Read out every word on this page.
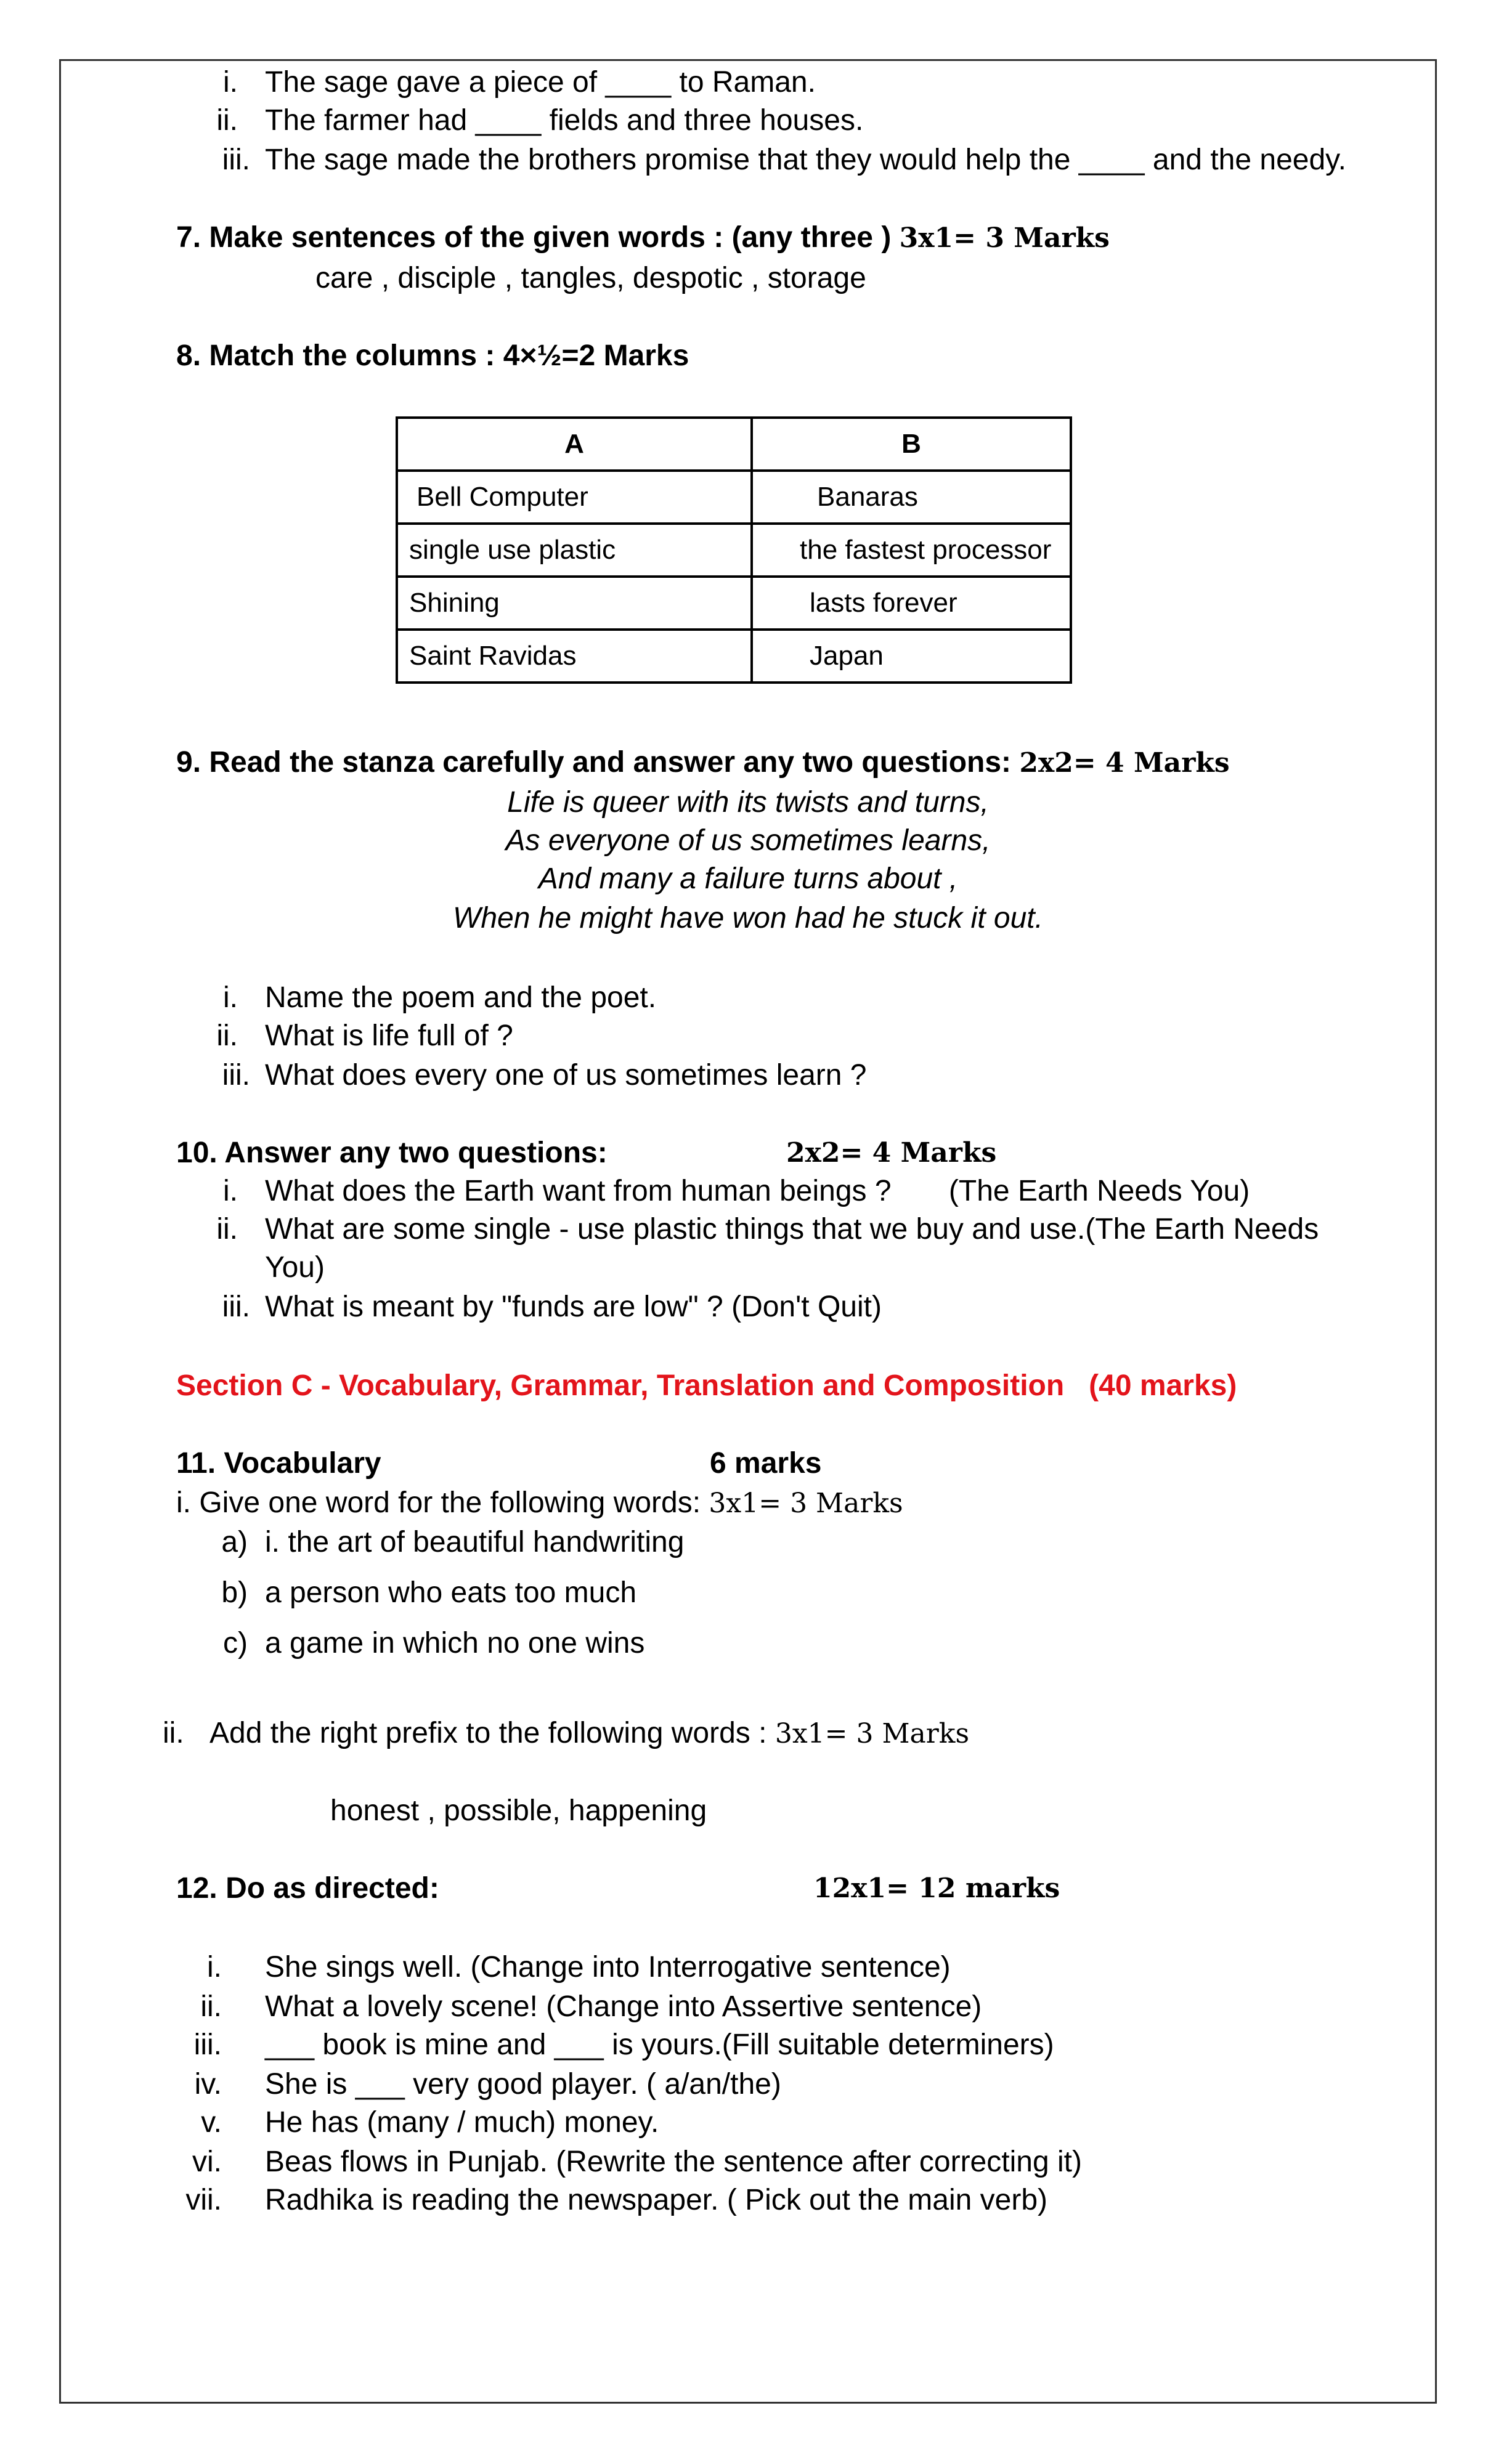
i. The sage gave a piece of ____ to Raman.
ii. The farmer had ____ fields and three houses.
iii. The sage made the brothers promise that they would help the ____ and the needy.
7. Make sentences of the given words : (any three ) 3x1= 3 Marks
care , disciple , tangles, despotic , storage
8. Match the columns : 4×½=2 Marks
A	B
Bell Computer	Banaras
single use plastic	the fastest processor
Shining	lasts forever
Saint Ravidas	Japan
9. Read the stanza carefully and answer any two questions: 2x2= 4 Marks
Life is queer with its twists and turns,
As everyone of us sometimes learns,
And many a failure turns about ,
When he might have won had he stuck it out.
i. Name the poem and the poet.
ii. What is life full of ?
iii. What does every one of us sometimes learn ?
10. Answer any two questions:	2x2= 4 Marks
i. What does the Earth want from human beings ?       (The Earth Needs You)
ii. What are some single - use plastic things that we buy and use.(The Earth Needs
You)
iii. What is meant by "funds are low" ? (Don't Quit)
Section C - Vocabulary, Grammar, Translation and Composition   (40 marks)
11. Vocabulary	6 marks
i. Give one word for the following words: 3x1= 3 Marks
a) i. the art of beautiful handwriting
b) a person who eats too much
c) a game in which no one wins
ii. Add the right prefix to the following words : 3x1= 3 Marks
honest , possible, happening
12. Do as directed:	12x1= 12 marks
i. She sings well. (Change into Interrogative sentence)
ii. What a lovely scene! (Change into Assertive sentence)
iii. ___ book is mine and ___ is yours.(Fill suitable determiners)
iv. She is ___ very good player. ( a/an/the)
v. He has (many / much) money.
vi. Beas flows in Punjab. (Rewrite the sentence after correcting it)
vii. Radhika is reading the newspaper. ( Pick out the main verb)
